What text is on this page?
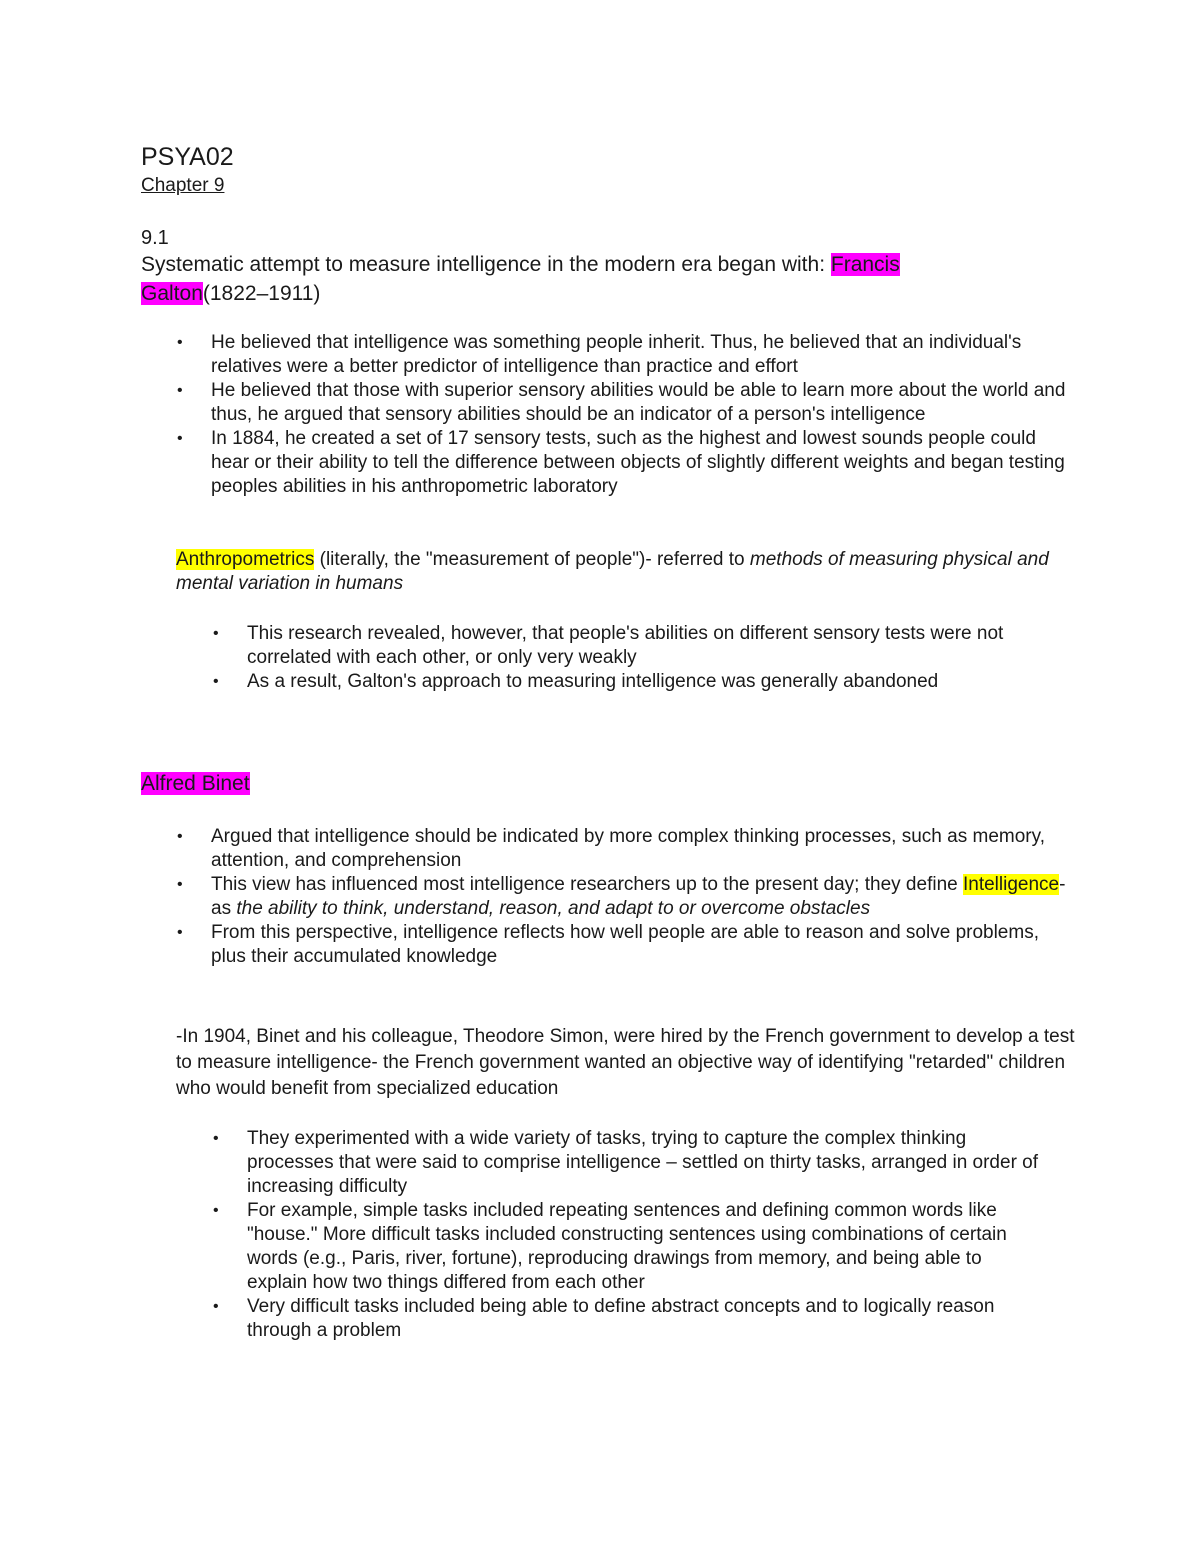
PSYA02
Chapter 9
9.1
Systematic attempt to measure intelligence in the modern era began with: Francis
Galton(1822–1911)
• He believed that intelligence was something people inherit. Thus, he believed that an individual's relatives were a better predictor of intelligence than practice and effort
• He believed that those with superior sensory abilities would be able to learn more about the world and thus, he argued that sensory abilities should be an indicator of a person's intelligence
• In 1884, he created a set of 17 sensory tests, such as the highest and lowest sounds people could hear or their ability to tell the difference between objects of slightly different weights and began testing peoples abilities in his anthropometric laboratory
Anthropometrics (literally, the "measurement of people")- referred to methods of measuring physical and mental variation in humans
• This research revealed, however, that people's abilities on different sensory tests were not correlated with each other, or only very weakly
• As a result, Galton's approach to measuring intelligence was generally abandoned
Alfred Binet
• Argued that intelligence should be indicated by more complex thinking processes, such as memory, attention, and comprehension
• This view has influenced most intelligence researchers up to the present day; they define Intelligence- as the ability to think, understand, reason, and adapt to or overcome obstacles
• From this perspective, intelligence reflects how well people are able to reason and solve problems, plus their accumulated knowledge
-In 1904, Binet and his colleague, Theodore Simon, were hired by the French government to develop a test to measure intelligence- the French government wanted an objective way of identifying "retarded" children who would benefit from specialized education
• They experimented with a wide variety of tasks, trying to capture the complex thinking processes that were said to comprise intelligence – settled on thirty tasks, arranged in order of increasing difficulty
• For example, simple tasks included repeating sentences and defining common words like "house." More difficult tasks included constructing sentences using combinations of certain words (e.g., Paris, river, fortune), reproducing drawings from memory, and being able to explain how two things differed from each other
• Very difficult tasks included being able to define abstract concepts and to logically reason through a problem
